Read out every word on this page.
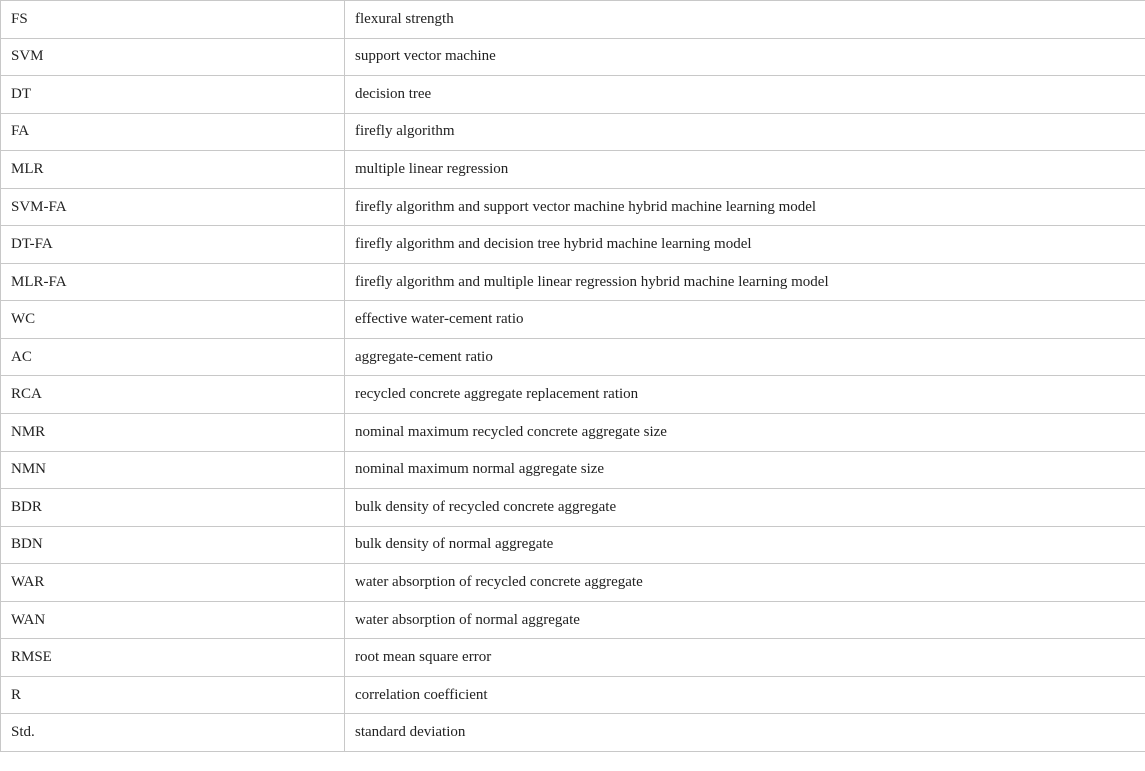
FS	flexural strength
SVM	support vector machine
DT	decision tree
FA	firefly algorithm
MLR	multiple linear regression
SVM-FA	firefly algorithm and support vector machine hybrid machine learning model
DT-FA	firefly algorithm and decision tree hybrid machine learning model
MLR-FA	firefly algorithm and multiple linear regression hybrid machine learning model
WC	effective water-cement ratio
AC	aggregate-cement ratio
RCA	recycled concrete aggregate replacement ration
NMR	nominal maximum recycled concrete aggregate size
NMN	nominal maximum normal aggregate size
BDR	bulk density of recycled concrete aggregate
BDN	bulk density of normal aggregate
WAR	water absorption of recycled concrete aggregate
WAN	water absorption of normal aggregate
RMSE	root mean square error
R	correlation coefficient
Std.	standard deviation
